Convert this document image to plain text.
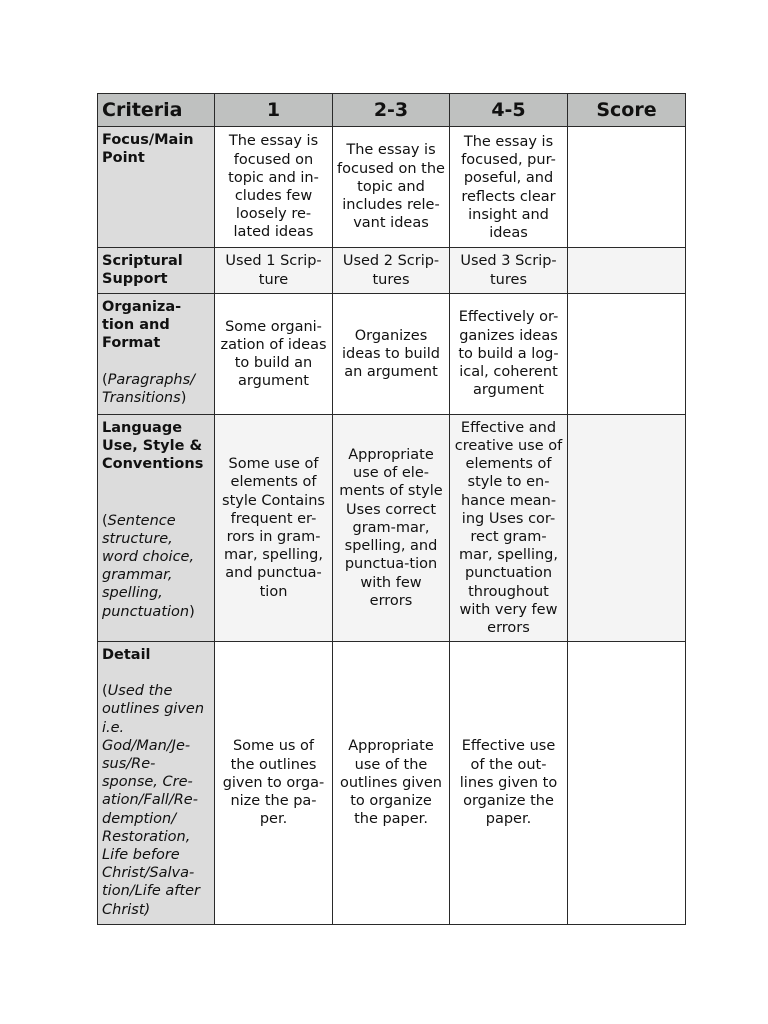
Criteria	1	2-3	4-5	Score

Focus/Main Point	The essay is focused on topic and in-cludes few loosely re-lated ideas	The essay is focused on the topic and includes rele-vant ideas	The essay is focused, pur-poseful, and reflects clear insight and ideas	

Scriptural Support	Used 1 Scrip-ture	Used 2 Scrip-tures	Used 3 Scrip-tures	

Organiza-tion and Format
(Paragraphs/ Transitions)	Some organi-zation of ideas to build an argument	Organizes ideas to build an argument	Effectively or-ganizes ideas to build a log-ical, coherent argument	

Language Use, Style & Conventions
(Sentence structure, word choice, grammar, spelling, punctuation)	Some use of elements of style Contains frequent er-rors in gram-mar, spelling, and punctua-tion	Appropriate use of ele-ments of style Uses correct gram-mar, spelling, and punctua-tion with few errors	Effective and creative use of elements of style to en-hance mean-ing Uses cor-rect gram-mar, spelling, punctuation throughout with very few errors	

Detail
(Used the outlines given i.e. God/Man/Je-sus/Re-sponse, Cre-ation/Fall/Re-demption/ Restoration, Life before Christ/Salva-tion/Life after Christ)	Some us of the outlines given to orga-nize the pa-per.	Appropriate use of the outlines given to organize the paper.	Effective use of the out-lines given to organize the paper.	
